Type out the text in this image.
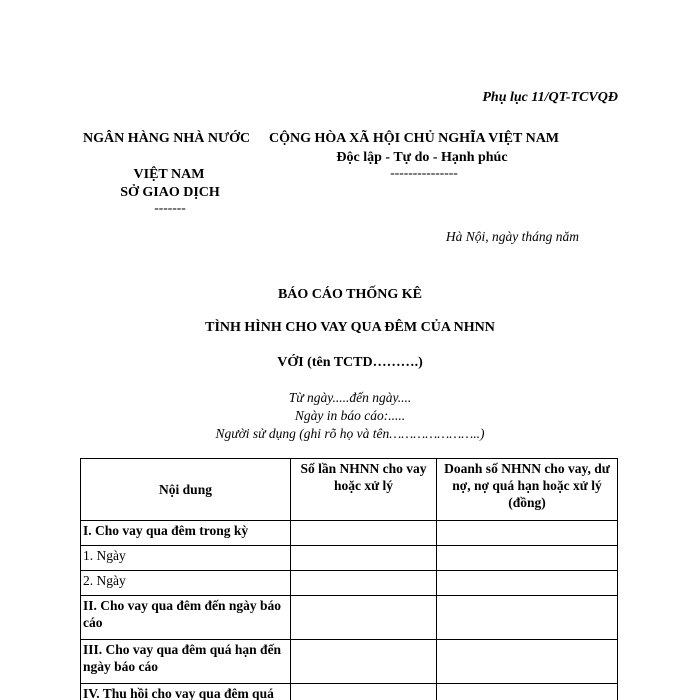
Phụ lục 11/QT-TCVQĐ
NGÂN HÀNG NHÀ NƯỚC
VIỆT NAM
SỞ GIAO DỊCH
-------
CỘNG HÒA XÃ HỘI CHỦ NGHĨA VIỆT NAM
Độc lập - Tự do - Hạnh phúc
---------------
Hà Nội, ngày tháng năm
BÁO CÁO THỐNG KÊ
TÌNH HÌNH CHO VAY QUA ĐÊM CỦA NHNN
VỚI (tên TCTD……….)
Từ ngày.....đến ngày....
Ngày in báo cáo:.....
Người sử dụng (ghi rõ họ và tên…………………..)
Nội dung	Số lần NHNN cho vay hoặc xử lý	Doanh số NHNN cho vay, dư nợ, nợ quá hạn hoặc xử lý (đồng)
I. Cho vay qua đêm trong kỳ		
1. Ngày		
2. Ngày		
II. Cho vay qua đêm đến ngày báo cáo		
III. Cho vay qua đêm quá hạn đến ngày báo cáo		
IV. Thu hồi cho vay qua đêm quá		
